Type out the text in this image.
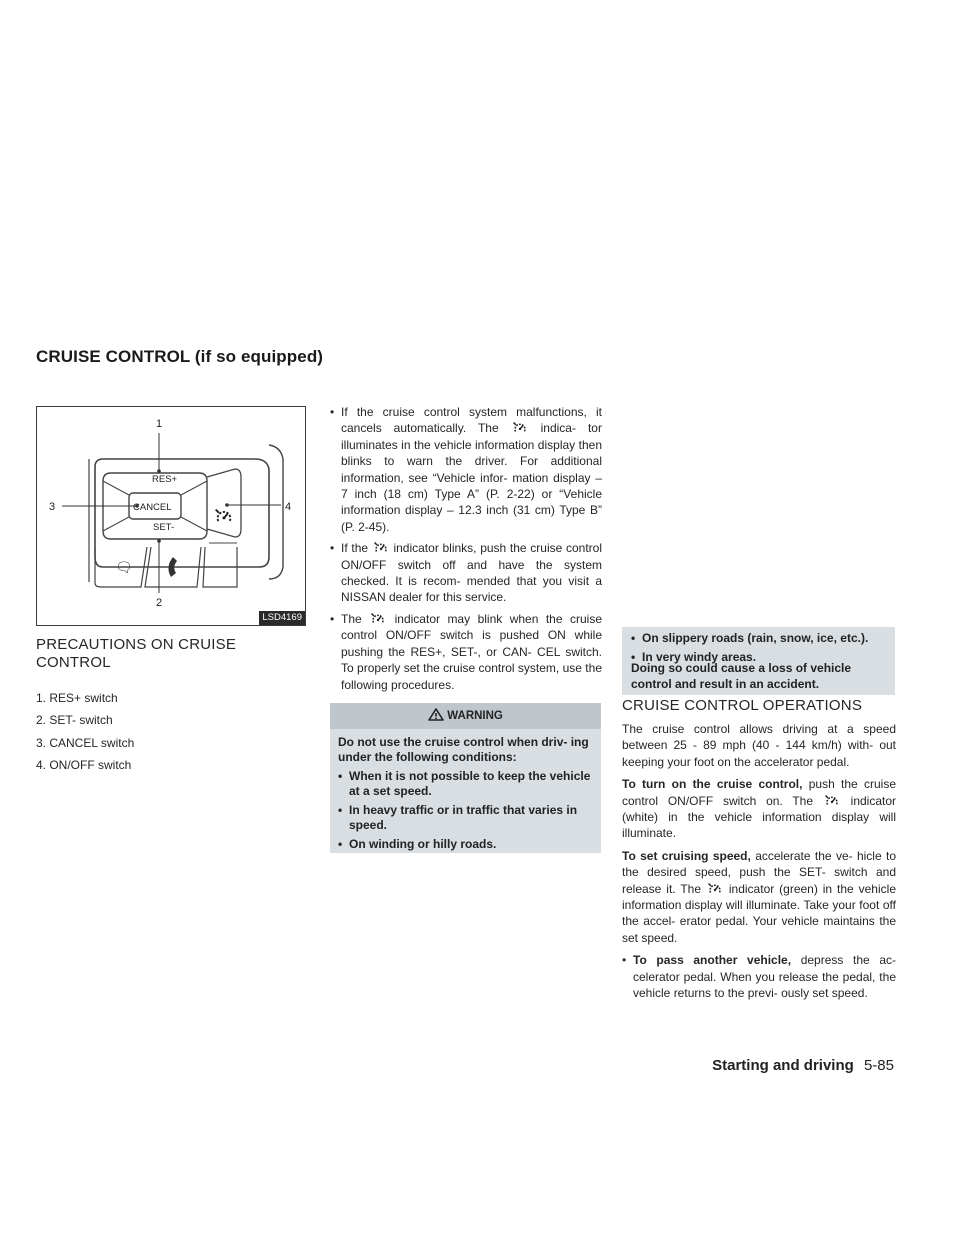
CRUISE CONTROL (if so equipped)
🗨
RES+
CANCEL
SET-
1
2
3	4
LSD4169
PRECAUTIONS ON CRUISE CONTROL
1. RES+ switch
2. SET- switch
3. CANCEL switch
4. ON/OFF switch

• If the cruise control system malfunctions, it cancels automatically. The	indica- tor illuminates in the vehicle information display then blinks to warn the driver. For additional information, see “Vehicle infor- mation display – 7 inch (18 cm) Type A” (P. 2-22) or “Vehicle information display – 12.3 inch (31 cm) Type B” (P. 2-45).

• If the indicator blinks, push the cruise control ON/OFF switch off and have the system checked. It is recom- mended that you visit a NISSAN dealer for this service.

• The	indicator may blink when the cruise control ON/OFF switch is pushed ON while pushing the RES+, SET-, or CAN- CEL switch. To properly set the cruise control system, use the following procedures.

WARNING

Do not use the cruise control when driv- ing under the following conditions:

• When it is not possible to keep the vehicle at a set speed.

• In heavy traffic or in traffic that varies in speed.

• On winding or hilly roads.

• On slippery roads (rain, snow, ice, etc.).

• In very windy areas.

CRUISE CONTROL OPERATIONS

The cruise control allows driving at a speed between 25 - 89 mph (40 - 144 km/h) with- out keeping your foot on the accelerator pedal.

To turn on the cruise control, push the cruise control ON/OFF switch on. The	indicator (white) in the vehicle information display will illuminate.

To set cruising speed, accelerate the ve- hicle to the desired speed, push the SET- switch and release it. The indicator (green) in the vehicle information display will illuminate. Take your foot off the accel- erator pedal. Your vehicle maintains the set speed.

• To pass another vehicle, depress the ac- celerator pedal. When you release the pedal, the vehicle returns to the previ- ously set speed.

Doing so could cause a loss of vehicle control and result in an accident.
Starting and driving 5-85
